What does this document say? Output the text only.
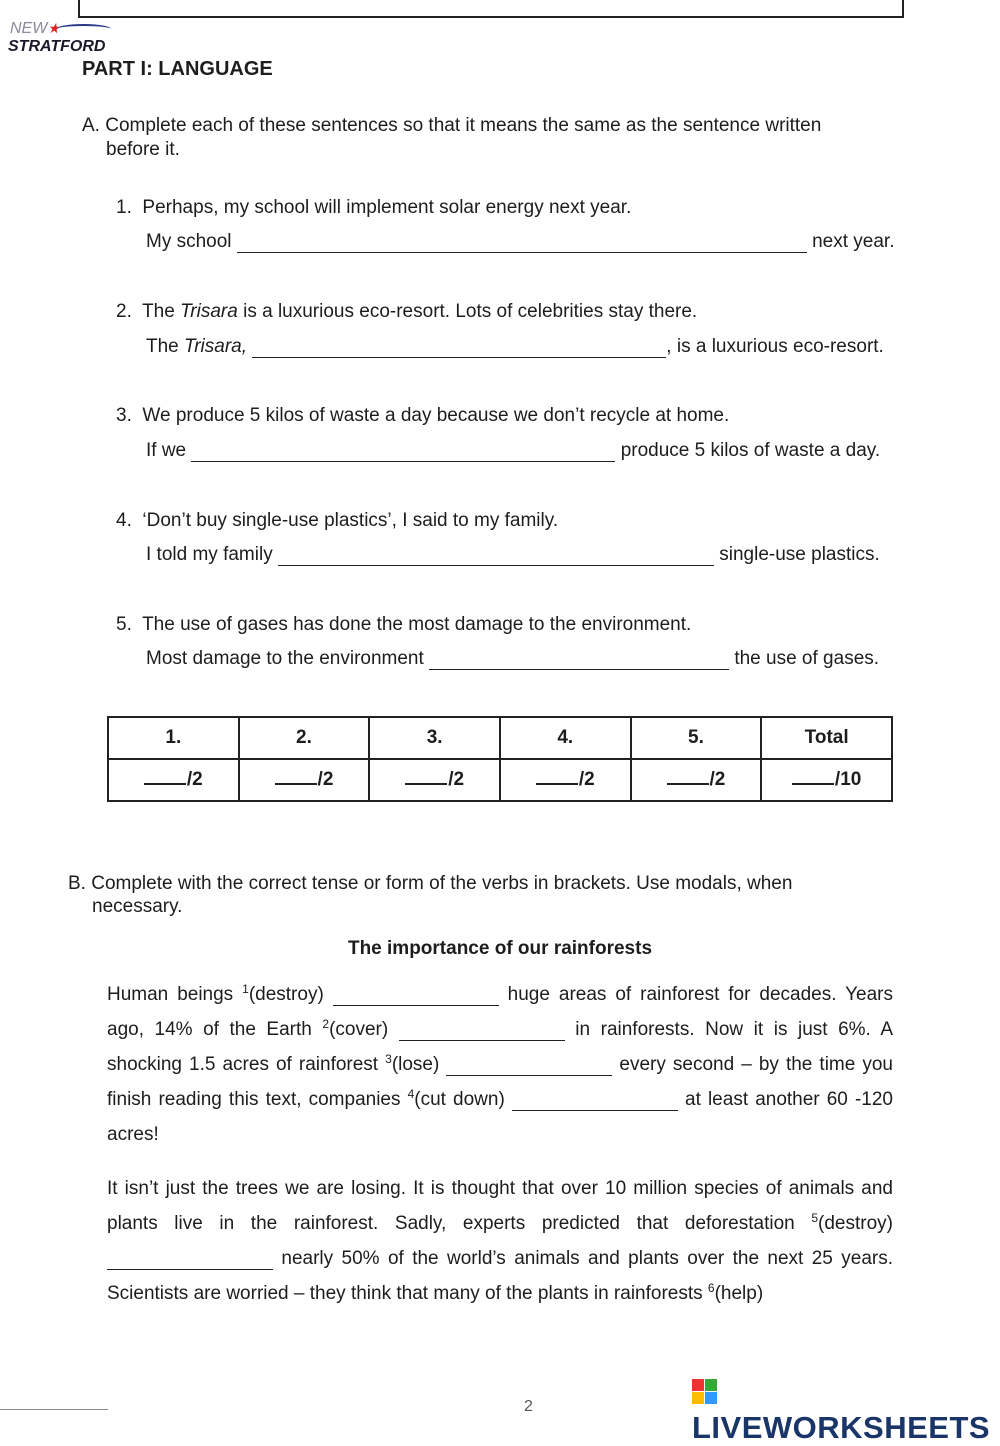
NEW★
STRATFORD
PART I: LANGUAGE
A. Complete each of these sentences so that it means the same as the sentence written
before it.
1. Perhaps, my school will implement solar energy next year.
My school	next year.
2. The Trisara is a luxurious eco-resort. Lots of celebrities stay there.
The Trisara,	, is a luxurious eco-resort.
3. We produce 5 kilos of waste a day because we don’t recycle at home.
If we	produce 5 kilos of waste a day.
4. ‘Don’t buy single-use plastics’, I said to my family.
I told my family	single-use plastics.
5. The use of gases has done the most damage to the environment.
Most damage to the environment	the use of gases.
1.	2.	3.	4.	5.	Total
/2	/2	/2	/2	/2	/10
B. Complete with the correct tense or form of the verbs in brackets. Use modals, when
necessary.
The importance of our rainforests
Human beings $^1$(destroy)	huge areas of rainforest for decades. Years ago, 14% of the Earth $^2$(cover)	in rainforests. Now it is just 6%. A shocking 1.5 acres of rainforest $^3$(lose)	every second – by the time you finish reading this text, companies $^4$(cut down)	at least another 60 -120 acres!
It isn’t just the trees we are losing. It is thought that over 10 million species of animals and plants live in the rainforest. Sadly, experts predicted that deforestation $^5$(destroy)  nearly 50% of the world’s animals and plants over the next 25 years. Scientists are worried – they think that many of the plants in rainforests $^6$(help)
2
LIVEWORKSHEETS
